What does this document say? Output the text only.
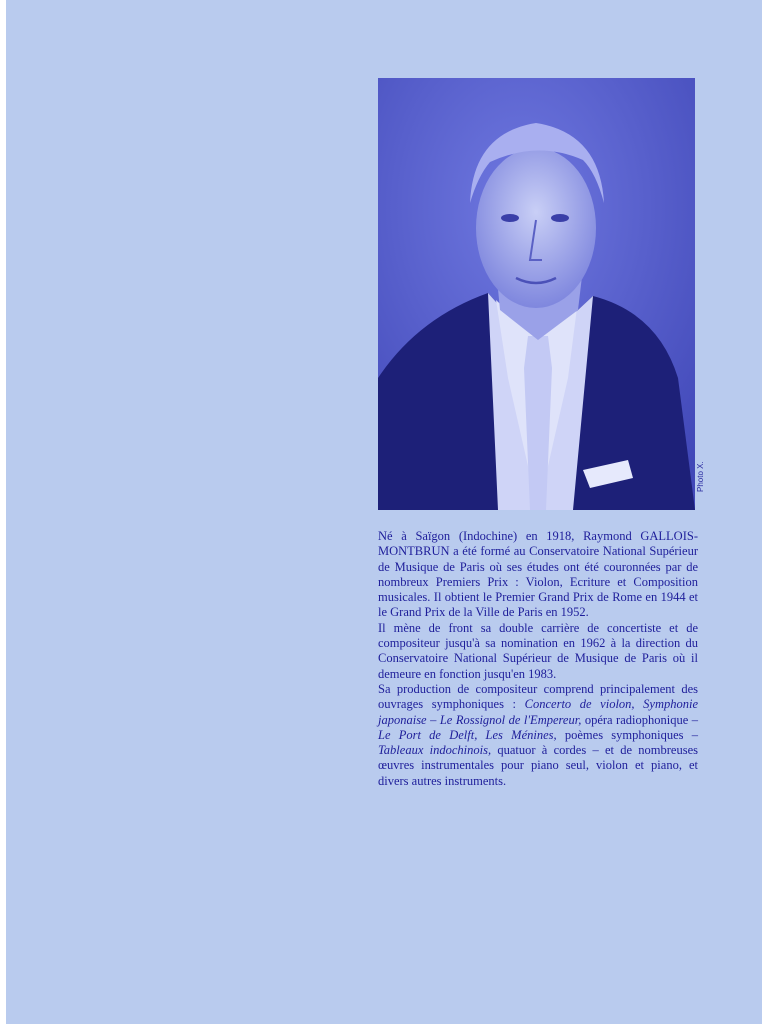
Photo X.

Né à Saïgon (Indochine) en 1918, Raymond GALLOIS-MONTBRUN a été formé au Conservatoire National Supérieur de Musique de Paris où ses études ont été couronnées par de nombreux Premiers Prix : Violon, Ecriture et Composition musicales. Il obtient le Premier Grand Prix de Rome en 1944 et le Grand Prix de la Ville de Paris en 1952.

Il mène de front sa double carrière de concertiste et de compositeur jusqu'à sa nomination en 1962 à la direction du Conservatoire National Supérieur de Musique de Paris où il demeure en fonction jusqu'en 1983.

Sa production de compositeur comprend principalement des ouvrages symphoniques : Concerto de violon, Symphonie japonaise – Le Rossignol de l'Empereur, opéra radiophonique – Le Port de Delft, Les Ménines, poèmes symphoniques – Tableaux indochinois, quatuor à cordes – et de nombreuses œuvres instrumentales pour piano seul, violon et piano, et divers autres instruments.
